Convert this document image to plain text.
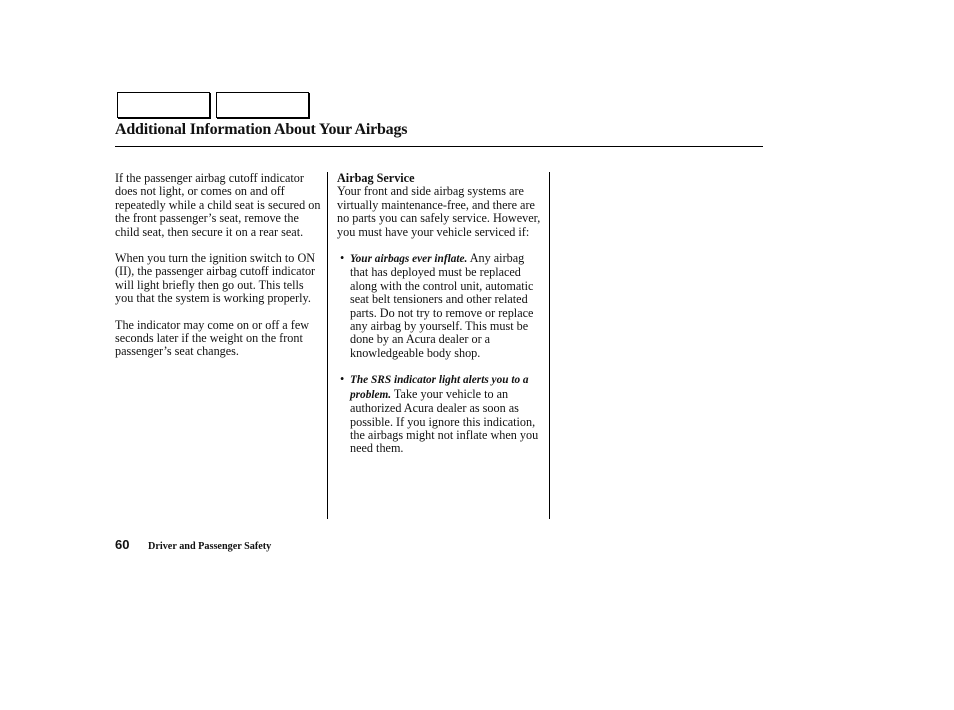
Additional Information About Your Airbags

If the passenger airbag cutoff indicator does not light, or comes on and off repeatedly while a child seat is secured on the front passenger’s seat, remove the child seat, then secure it on a rear seat.

When you turn the ignition switch to ON (II), the passenger airbag cutoff indicator will light briefly then go out. This tells you that the system is working properly.

The indicator may come on or off a few seconds later if the weight on the front passenger’s seat changes.

Airbag Service

Your front and side airbag systems are virtually maintenance-free, and there are no parts you can safely service. However, you must have your vehicle serviced if:

• Your airbags ever inflate. Any airbag that has deployed must be replaced along with the control unit, automatic seat belt tensioners and other related parts. Do not try to remove or replace any airbag by yourself. This must be done by an Acura dealer or a knowledgeable body shop.
• The SRS indicator light alerts you to a problem. Take your vehicle to an authorized Acura dealer as soon as possible. If you ignore this indication, the airbags might not inflate when you need them.
60 Driver and Passenger Safety
